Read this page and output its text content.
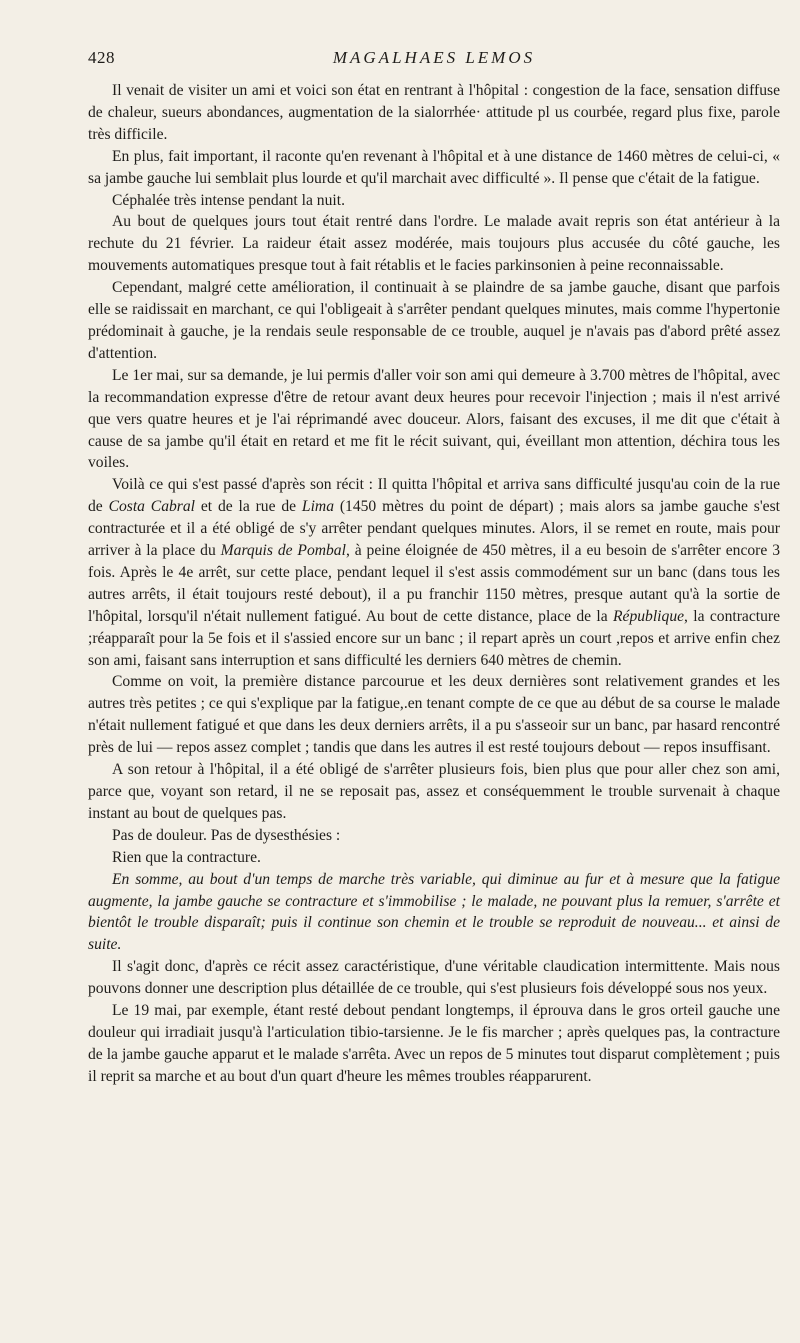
428	MAGALHAES LEMOS

Il venait de visiter un ami et voici son état en rentrant à l'hôpital : congestion de la face, sensation diffuse de chaleur, sueurs abondances, augmentation de la sialorrhée· attitude pl us courbée, regard plus fixe, parole très difficile.

En plus, fait important, il raconte qu'en revenant à l'hôpital et à une distance de 1460 mètres de celui-ci, « sa jambe gauche lui semblait plus lourde et qu'il marchait avec difficulté ». Il pense que c'était de la fatigue.

Céphalée très intense pendant la nuit.

Au bout de quelques jours tout était rentré dans l'ordre. Le malade avait repris son état antérieur à la rechute du 21 février. La raideur était assez modérée, mais toujours plus accusée du côté gauche, les mouvements automatiques presque tout à fait rétablis et le facies parkinsonien à peine reconnaissable.

Cependant, malgré cette amélioration, il continuait à se plaindre de sa jambe gauche, disant que parfois elle se raidissait en marchant, ce qui l'obligeait à s'arrêter pendant quelques minutes, mais comme l'hypertonie prédominait à gauche, je la rendais seule responsable de ce trouble, auquel je n'avais pas d'abord prêté assez d'attention.

Le 1er mai, sur sa demande, je lui permis d'aller voir son ami qui demeure à 3.700 mètres de l'hôpital, avec la recommandation expresse d'être de retour avant deux heures pour recevoir l'injection ; mais il n'est arrivé que vers quatre heures et je l'ai réprimandé avec douceur. Alors, faisant des excuses, il me dit que c'était à cause de sa jambe qu'il était en retard et me fit le récit suivant, qui, éveillant mon attention, déchira tous les voiles.

Voilà ce qui s'est passé d'après son récit : Il quitta l'hôpital et arriva sans difficulté jusqu'au coin de la rue de Costa Cabral et de la rue de Lima (1450 mètres du point de départ) ; mais alors sa jambe gauche s'est contracturée et il a été obligé de s'y arrêter pendant quelques minutes. Alors, il se remet en route, mais pour arriver à la place du Marquis de Pombal, à peine éloignée de 450 mètres, il a eu besoin de s'arrêter encore 3 fois. Après le 4e arrêt, sur cette place, pendant lequel il s'est assis commodément sur un banc (dans tous les autres arrêts, il était toujours resté debout), il a pu franchir 1150 mètres, presque autant qu'à la sortie de l'hôpital, lorsqu'il n'était nullement fatigué. Au bout de cette distance, place de la République, la contracture ;réapparaît pour la 5e fois et il s'assied encore sur un banc ; il repart après un court ,repos et arrive enfin chez son ami, faisant sans interruption et sans difficulté les derniers 640 mètres de chemin.

Comme on voit, la première distance parcourue et les deux dernières sont relativement grandes et les autres très petites ; ce qui s'explique par la fatigue,.en tenant compte de ce que au début de sa course le malade n'était nullement fatigué et que dans les deux derniers arrêts, il a pu s'asseoir sur un banc, par hasard rencontré près de lui — repos assez complet ; tandis que dans les autres il est resté toujours debout — repos insuffisant.

A son retour à l'hôpital, il a été obligé de s'arrêter plusieurs fois, bien plus que pour aller chez son ami, parce que, voyant son retard, il ne se reposait pas, assez et conséquemment le trouble survenait à chaque instant au bout de quelques pas.

Pas de douleur. Pas de dysesthésies :

Rien que la contracture.

En somme, au bout d'un temps de marche très variable, qui diminue au fur et à mesure que la fatigue augmente, la jambe gauche se contracture et s'immobilise ; le malade, ne pouvant plus la remuer, s'arrête et bientôt le trouble disparaît; puis il continue son chemin et le trouble se reproduit de nouveau... et ainsi de suite.

Il s'agit donc, d'après ce récit assez caractéristique, d'une véritable claudication intermittente. Mais nous pouvons donner une description plus détaillée de ce trouble, qui s'est plusieurs fois développé sous nos yeux.

Le 19 mai, par exemple, étant resté debout pendant longtemps, il éprouva dans le gros orteil gauche une douleur qui irradiait jusqu'à l'articulation tibio-tarsienne. Je le fis marcher ; après quelques pas, la contracture de la jambe gauche apparut et le malade s'arrêta. Avec un repos de 5 minutes tout disparut complètement ; puis il reprit sa marche et au bout d'un quart d'heure les mêmes troubles réapparurent.
